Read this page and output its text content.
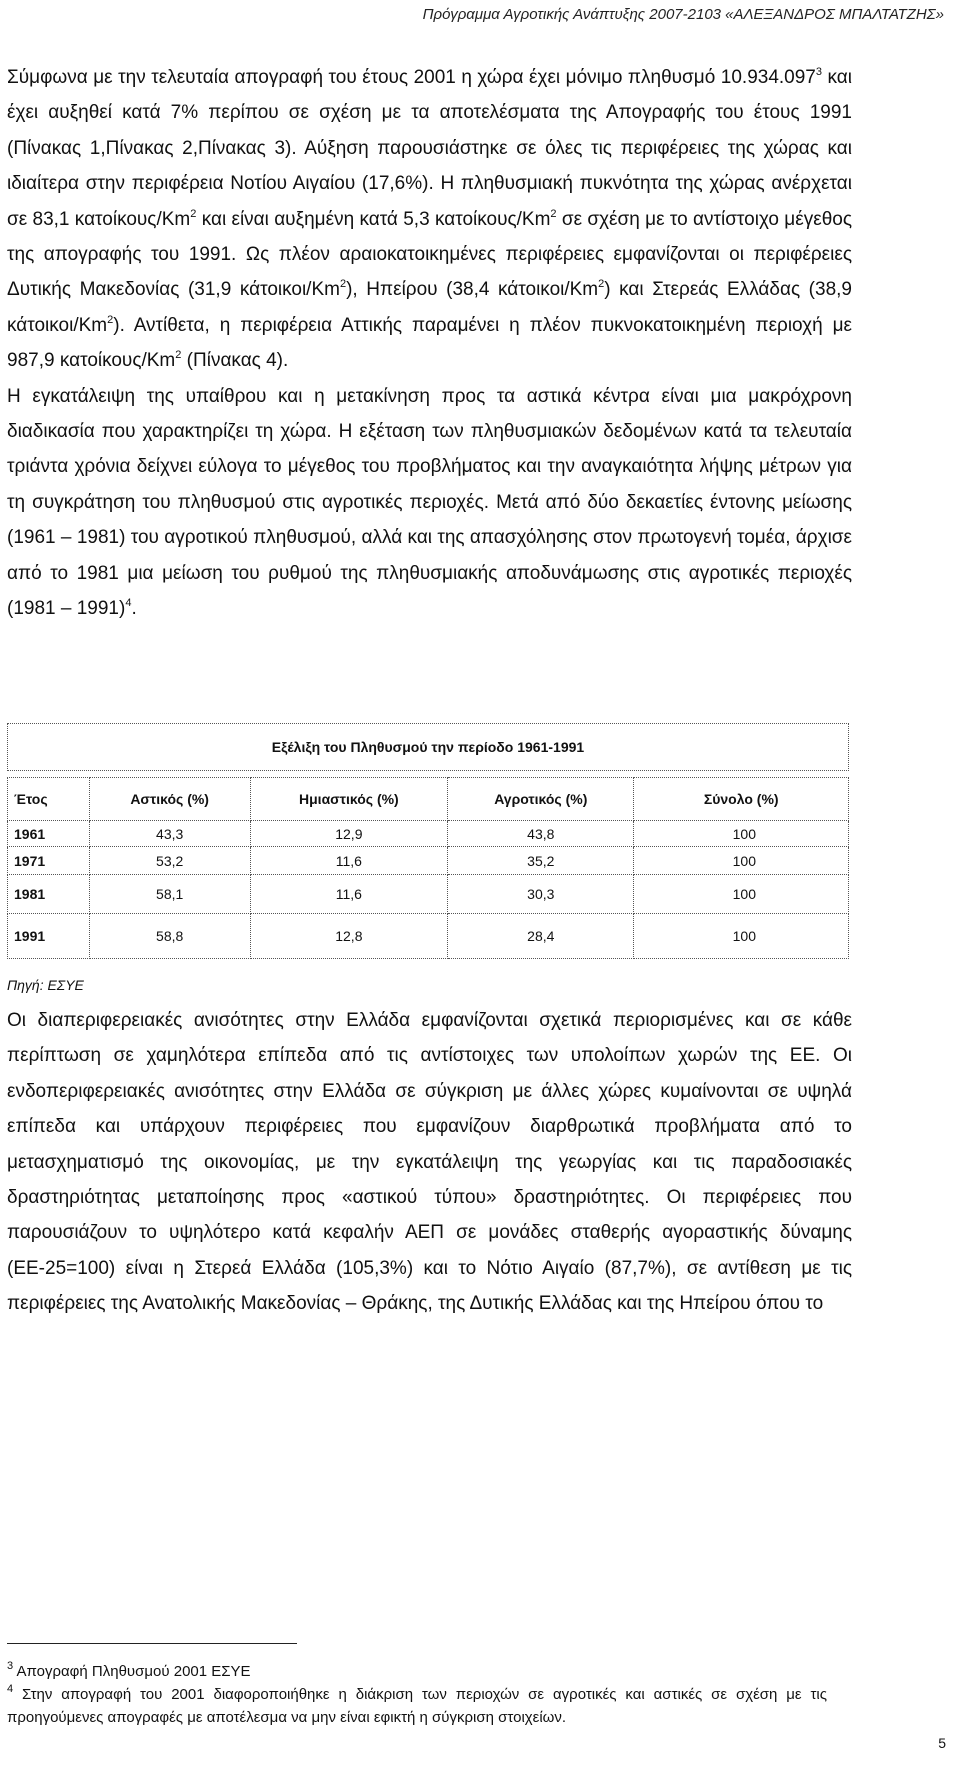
Πρόγραμμα Αγροτικής Ανάπτυξης 2007-2103 «ΑΛΕΞΑΝΔΡΟΣ ΜΠΑΛΤΑΤΖΗΣ»

Σύμφωνα με την τελευταία απογραφή του έτους 2001 η χώρα έχει μόνιμο πληθυσμό 10.934.097$^3$ και έχει αυξηθεί κατά 7% περίπου σε σχέση με τα αποτελέσματα της Απογραφής του έτους 1991 (Πίνακας 1,Πίνακας 2,Πίνακας 3). Αύξηση παρουσιάστηκε σε όλες τις περιφέρειες της χώρας και ιδιαίτερα στην περιφέρεια Νοτίου Αιγαίου (17,6%). Η πληθυσμιακή πυκνότητα της χώρας ανέρχεται σε 83,1 κατοίκους/Km$^2$ και είναι αυξημένη κατά 5,3 κατοίκους/Km$^2$ σε σχέση με το αντίστοιχο μέγεθος της απογραφής του 1991. Ως πλέον αραιοκατοικημένες περιφέρειες εμφανίζονται οι περιφέρειες Δυτικής Μακεδονίας (31,9 κάτοικοι/Km$^2$), Ηπείρου (38,4 κάτοικοι/Km$^2$) και Στερεάς Ελλάδας (38,9 κάτοικοι/Km$^2$). Αντίθετα, η περιφέρεια Αττικής παραμένει η πλέον πυκνοκατοικημένη περιοχή με 987,9 κατοίκους/Km$^2$ (Πίνακας 4).

Η εγκατάλειψη της υπαίθρου και η μετακίνηση προς τα αστικά κέντρα είναι μια μακρόχρονη διαδικασία που χαρακτηρίζει τη χώρα. Η εξέταση των πληθυσμιακών δεδομένων κατά τα τελευταία τριάντα χρόνια δείχνει εύλογα το μέγεθος του προβλήματος και την αναγκαιότητα λήψης μέτρων για τη συγκράτηση του πληθυσμού στις αγροτικές περιοχές. Μετά από δύο δεκαετίες έντονης μείωσης (1961 – 1981) του αγροτικού πληθυσμού, αλλά και της απασχόλησης στον πρωτογενή τομέα, άρχισε από το 1981 μια μείωση του ρυθμού της πληθυσμιακής αποδυνάμωσης στις αγροτικές περιοχές (1981 – 1991)$^4$.

Εξέλιξη του Πληθυσμού την περίοδο 1961-1991
Έτος	Αστικός (%)	Ημιαστικός (%)	Αγροτικός (%)	Σύνολο (%)
1961	43,3	12,9	43,8	100
1971	53,2	11,6	35,2	100
1981	58,1	11,6	30,3	100
1991	58,8	12,8	28,4	100
Πηγή: ΕΣΥΕ

Οι διαπεριφερειακές ανισότητες στην Ελλάδα εμφανίζονται σχετικά περιορισμένες και σε κάθε περίπτωση σε χαμηλότερα επίπεδα από τις αντίστοιχες των υπολοίπων χωρών της ΕΕ. Οι ενδοπεριφερειακές ανισότητες στην Ελλάδα σε σύγκριση με άλλες χώρες κυμαίνονται σε υψηλά επίπεδα και υπάρχουν περιφέρειες που εμφανίζουν διαρθρωτικά προβλήματα από το μετασχηματισμό της οικονομίας, με την εγκατάλειψη της γεωργίας και τις παραδοσιακές δραστηριότητας μεταποίησης προς «αστικού τύπου» δραστηριότητες. Οι περιφέρειες που παρουσιάζουν το υψηλότερο κατά κεφαλήν ΑΕΠ σε μονάδες σταθερής αγοραστικής δύναμης (ΕΕ-25=100) είναι η Στερεά Ελλάδα (105,3%) και το Νότιο Αιγαίο (87,7%), σε αντίθεση με τις περιφέρειες της Ανατολικής Μακεδονίας – Θράκης, της Δυτικής Ελλάδας και της Ηπείρου όπου το

$^3$ Απογραφή Πληθυσμού 2001 ΕΣΥΕ

$^4$ Στην απογραφή του 2001 διαφοροποιήθηκε η διάκριση των περιοχών σε αγροτικές και αστικές σε σχέση με τις προηγούμενες απογραφές με αποτέλεσμα να μην είναι εφικτή η σύγκριση στοιχείων.

5
